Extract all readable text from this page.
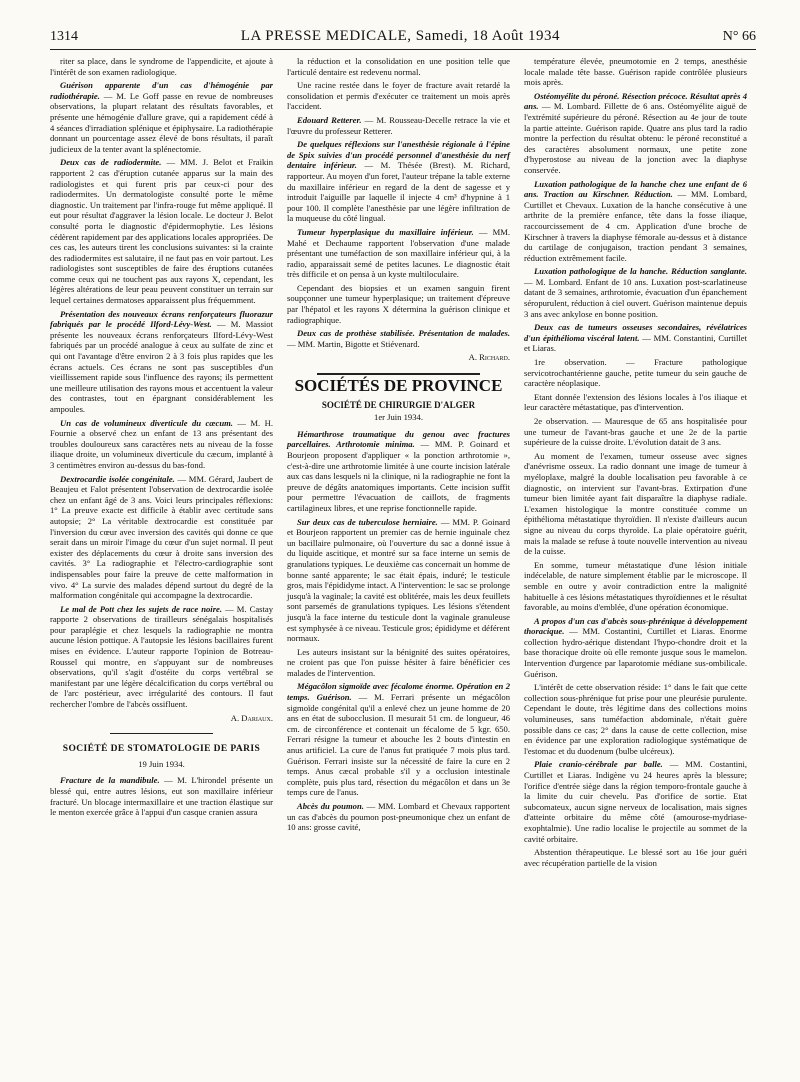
1314	LA PRESSE MEDICALE, Samedi, 18 Août 1934	N° 66

riter sa place, dans le syndrome de l'appendicite, et ajoute à l'intérêt de son examen radiologique.

Guérison apparente d'un cas d'hémogénie par radiothérapie. — M. Le Goff passe en revue de nombreuses observations, la plupart relatant des résultats favorables, et présente une hémogénie d'allure grave, qui a rapidement cédé à 4 séances d'irradiation splénique et épiphysaire. La radiothérapie donnant un pourcentage assez élevé de bons résultats, il paraît judicieux de la tenter avant la splénectomie.

Deux cas de radiodermite. — MM. J. Belot et Fraikin rapportent 2 cas d'éruption cutanée apparus sur la main des radiologistes et qui furent pris par ceux-ci pour des radiodermites. Un dermatologiste consulté porte le même diagnostic. Un traitement par l'infra-rouge fut même appliqué. Il eut pour résultat d'aggraver la lésion locale. Le docteur J. Belot consulté porta le diagnostic d'épidermophytie. Les lésions cédèrent rapidement par des applications locales appropriées. De ces cas, les auteurs tirent les conclusions suivantes: si la crainte des radiodermites est salutaire, il ne faut pas en voir partout. Les radiologistes sont susceptibles de faire des éruptions cutanées comme ceux qui ne touchent pas aux rayons X, cependant, les légères altérations de leur peau peuvent constituer un terrain sur lequel certaines dermatoses apparaissent plus fréquemment.

Présentation des nouveaux écrans renforçateurs fluorazur fabriqués par le procédé Ilford-Lévy-West. — M. Massiot présente les nouveaux écrans renforçateurs Ilford-Lévy-West fabriqués par un procédé analogue à ceux au sulfate de zinc et qui ont l'avantage d'être environ 2 à 3 fois plus rapides que les écrans actuels. Ces écrans ne sont pas susceptibles d'un vieillissement rapide sous l'influence des rayons; ils permettent une meilleure utilisation des rayons mous et accentuent la valeur des contrastes, tout en épargnant considérablement les ampoules.

Un cas de volumineux diverticule du cæcum. — M. H. Fournie a observé chez un enfant de 13 ans présentant des troubles douloureux sans caractères nets au niveau de la fosse iliaque droite, un volumineux diverticule du cæcum, implanté à 3 centimètres environ au-dessus du bas-fond.

Dextrocardie isolée congénitale. — MM. Gérard, Jaubert de Beaujeu et Falot présentent l'observation de dextrocardie isolée chez un enfant âgé de 3 ans. Voici leurs principales réflexions: 1° La preuve exacte est difficile à établir avec certitude sans autopsie; 2° La véritable dextrocardie est constituée par l'inversion du cœur avec inversion des cavités qui donne ce que serait dans un miroir l'image du cœur d'un sujet normal. Il peut exister des déplacements du cœur à droite sans inversion des cavités. 3° La radiographie et l'électro-cardiographie sont indispensables pour faire la preuve de cette malformation in vivo. 4° La survie des malades dépend surtout du degré de la malformation congénitale qui accompagne la dextrocardie.

Le mal de Pott chez les sujets de race noire. — M. Castay rapporte 2 observations de tirailleurs sénégalais hospitalisés pour paraplégie et chez lesquels la radiographie ne montra aucune lésion pottique. A l'autopsie les lésions bacillaires furent mises en évidence. L'auteur rapporte l'opinion de Botreau-Roussel qui montre, en s'appuyant sur de nombreuses observations, qu'il s'agit d'ostéite du corps vertébral se manifestant par une légère décalcification du corps vertébral ou de l'arc postérieur, avec irrégularité des contours. Il faut rechercher l'ombre de l'abcès ossifluent.

A. Dariaux.

SOCIÉTÉ DE STOMATOLOGIE DE PARIS
19 Juin 1934.

Fracture de la mandibule. — M. L'hirondel présente un blessé qui, entre autres lésions, eut son maxillaire inférieur fracturé. Un blocage intermaxillaire et une traction élastique sur le menton exercée grâce à l'appui d'un casque cranien assura

la réduction et la consolidation en une position telle que l'articulé dentaire est redevenu normal.

Une racine restée dans le foyer de fracture avait retardé la consolidation et permis d'exécuter ce traitement un mois après l'accident.

Edouard Retterer. — M. Rousseau-Decelle retrace la vie et l'œuvre du professeur Retterer.

De quelques réflexions sur l'anesthésie régionale à l'épine de Spix suivies d'un procédé personnel d'anesthésie du nerf dentaire inférieur. — M. Thésée (Brest). M. Richard, rapporteur. Au moyen d'un foret, l'auteur trépane la table externe du maxillaire inférieur en regard de la dent de sagesse et y introduit l'aiguille par laquelle il injecte 4 cm³ d'hypnine à 1 pour 100. Il complète l'anesthésie par une légère infiltration de la muqueuse du côté lingual.

Tumeur hyperplasique du maxillaire inférieur. — MM. Mahé et Dechaume rapportent l'observation d'une malade présentant une tuméfaction de son maxillaire inférieur qui, à la radio, apparaissait semé de petites lacunes. Le diagnostic était très difficile et on pensa à un kyste multiloculaire.

Cependant des biopsies et un examen sanguin firent soupçonner une tumeur hyperplasique; un traitement d'épreuve par l'hépatol et les rayons X détermina la guérison clinique et radiographique.

Deux cas de prothèse stabilisée. Présentation de malades. — MM. Martin, Bigotte et Stiévenard.

A. Richard.

SOCIÉTÉS DE PROVINCE
SOCIÉTÉ DE CHIRURGIE D'ALGER
1er Juin 1934.

Hémarthrose traumatique du genou avec fractures parcellaires. Arthrotomie minima. — MM. P. Goinard et Bourjeon proposent d'appliquer « la ponction arthrotomie », c'est-à-dire une arthrotomie limitée à une courte incision latérale aux cas dans lesquels ni la clinique, ni la radiographie ne font la preuve de dégâts anatomiques importants. Cette incision suffit pour permettre l'évacuation de caillots, de fragments cartilagineux libres, et une reprise fonctionnelle rapide.

Sur deux cas de tuberculose herniaire. — MM. P. Goinard et Bourjeon rapportent un premier cas de hernie inguinale chez un bacillaire pulmonaire, où l'ouverture du sac a donné issue à du liquide ascitique, et montré sur sa face interne un semis de granulations typiques. Le deuxième cas concernait un homme de bonne santé apparente; le sac était épais, induré; le testicule gros, mais l'épididyme intact. A l'intervention: le sac se prolonge jusqu'à la vaginale; la cavité est oblitérée, mais les deux feuillets sont parsemés de granulations typiques. Les lésions s'étendent jusqu'à la face interne du testicule dont la vaginale granuleuse est symphysée à ce niveau. Testicule gros; épididyme et déférent normaux.

Les auteurs insistant sur la bénignité des suites opératoires, ne croient pas que l'on puisse hésiter à faire bénéficier ces malades de l'intervention.

Mégacôlon sigmoïde avec fécalome énorme. Opération en 2 temps. Guérison. — M. Ferrari présente un mégacôlon sigmoïde congénital qu'il a enlevé chez un jeune homme de 20 ans en état de subocclusion. Il mesurait 51 cm. de longueur, 46 cm. de circonférence et contenait un fécalome de 5 kgr. 650. Ferrari résigne la tumeur et abouche les 2 bouts d'intestin en anus artificiel. La cure de l'anus fut pratiquée 7 mois plus tard. Guérison. Ferrari insiste sur la nécessité de faire la cure en 2 temps. Anus cæcal probable s'il y a occlusion intestinale complète, puis plus tard, résection du mégacôlon et dans un 3e temps cure de l'anus.

Abcès du poumon. — MM. Lombard et Chevaux rapportent un cas d'abcès du poumon post-pneumonique chez un enfant de 10 ans: grosse cavité,

température élevée, pneumotomie en 2 temps, anesthésie locale malade tête basse. Guérison rapide contrôlée plusieurs mois après.

Ostéomyélite du péroné. Résection précoce. Résultat après 4 ans. — M. Lombard. Fillette de 6 ans. Ostéomyélite aiguë de l'extrémité supérieure du péroné. Résection au 4e jour de toute la partie atteinte. Guérison rapide. Quatre ans plus tard la radio montre la perfection du résultat obtenu: le péroné reconstitué a des caractères absolument normaux, une petite zone d'hyperostose au niveau de la jonction avec la diaphyse conservée.

Luxation pathologique de la hanche chez une enfant de 6 ans. Traction au Kirschner. Réduction. — MM. Lombard, Curtillet et Chevaux. Luxation de la hanche consécutive à une arthrite de la première enfance, tête dans la fosse iliaque, raccourcissement de 4 cm. Application d'une broche de Kirschner à travers la diaphyse fémorale au-dessus et à distance du cartilage de conjugaison, traction pendant 3 semaines, réduction extrêmement facile.

Luxation pathologique de la hanche. Réduction sanglante. — M. Lombard. Enfant de 10 ans. Luxation post-scarlatineuse datant de 3 semaines, arthrotomie, évacuation d'un épanchement séropurulent, réduction à ciel ouvert. Guérison maintenue depuis 3 ans avec ankylose en bonne position.

Deux cas de tumeurs osseuses secondaires, révélatrices d'un épithélioma viscéral latent. — MM. Constantini, Curtillet et Liaras.

1re observation. — Fracture pathologique servicotrochantérienne gauche, petite tumeur du sein gauche de caractère néoplasique.

Etant donnée l'extension des lésions locales à l'os iliaque et leur caractère métastatique, pas d'intervention.

2e observation. — Mauresque de 65 ans hospitalisée pour une tumeur de l'avant-bras gauche et une 2e de la partie supérieure de la cuisse droite. L'évolution datait de 3 ans.

Au moment de l'examen, tumeur osseuse avec signes d'anévrisme osseux. La radio donnant une image de tumeur à myéloplaxe, malgré la double localisation peu favorable à ce diagnostic, on intervient sur l'avant-bras. Extirpation d'une tumeur bien limitée ayant fait disparaître la diaphyse radiale. L'examen histologique la montre constituée comme un épithélioma métastatique thyroïdien. Il n'existe d'ailleurs aucun signe au niveau du corps thyroïde. La plaie opératoire guérit, mais la malade se refuse à toute nouvelle intervention au niveau de la cuisse.

En somme, tumeur métastatique d'une lésion initiale indécelable, de nature simplement établie par le microscope. Il semble en outre y avoir contradiction entre la malignité habituelle à ces lésions métastatiques thyroïdiennes et le résultat favorable, au moins d'emblée, d'une opération économique.

A propos d'un cas d'abcès sous-phrénique à développement thoracique. — MM. Costantini, Curtillet et Liaras. Enorme collection hydro-aérique distendant l'hypo-chondre droit et la base thoracique droite où elle remonte jusque sous le mamelon. Intervention d'urgence par laparotomie médiane sus-ombilicale. Guérison.

L'intérêt de cette observation réside: 1° dans le fait que cette collection sous-phrénique fut prise pour une pleurésie purulente. Cependant le doute, très légitime dans des collections moins volumineuses, sans tuméfaction abdominale, n'était guère possible dans ce cas; 2° dans la cause de cette collection, mise en évidence par une exploration radiologique systématique de l'estomac et du duodenum (bulbe ulcéreux).

Plaie cranio-cérébrale par balle. — MM. Costantini, Curtillet et Liaras. Indigène vu 24 heures après la blessure; l'orifice d'entrée siège dans la région temporo-frontale gauche à la limite du cuir chevelu. Pas d'orifice de sortie. Etat subcomateux, aucun signe nerveux de localisation, mais signes d'atteinte orbitaire du même côté (amourose-mydriase-exophtalmie). Une radio localise le projectile au sommet de la cavité orbitaire.

Abstention thérapeutique. Le blessé sort au 16e jour guéri avec récupération partielle de la vision
